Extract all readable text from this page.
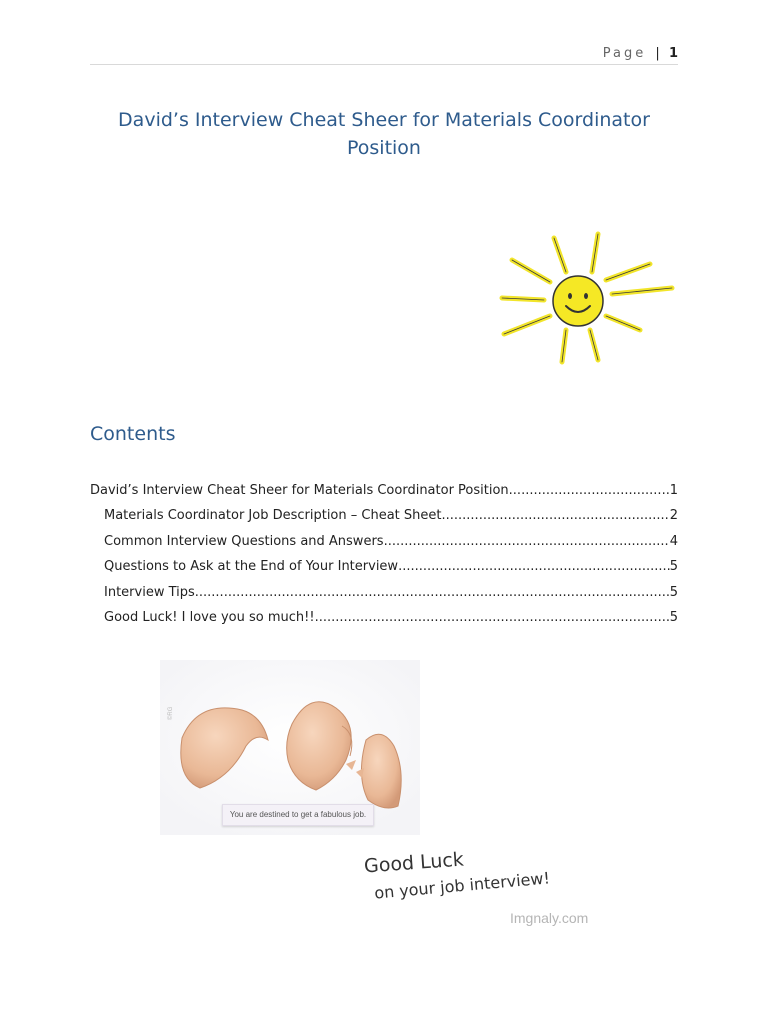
Page | 1
David’s Interview Cheat Sheer for Materials Coordinator Position
Contents
David’s Interview Cheat Sheer for Materials Coordinator Position .....	1
Materials Coordinator Job Description – Cheat Sheet .....	2
Common Interview Questions and Answers .....	4
Questions to Ask at the End of Your Interview .....	5
Interview Tips .....	5
Good Luck! I love you so much!! .....	5
©RG
You are destined to get a fabulous job.
Good Luck
on your job interview!
Imgnaly.com
